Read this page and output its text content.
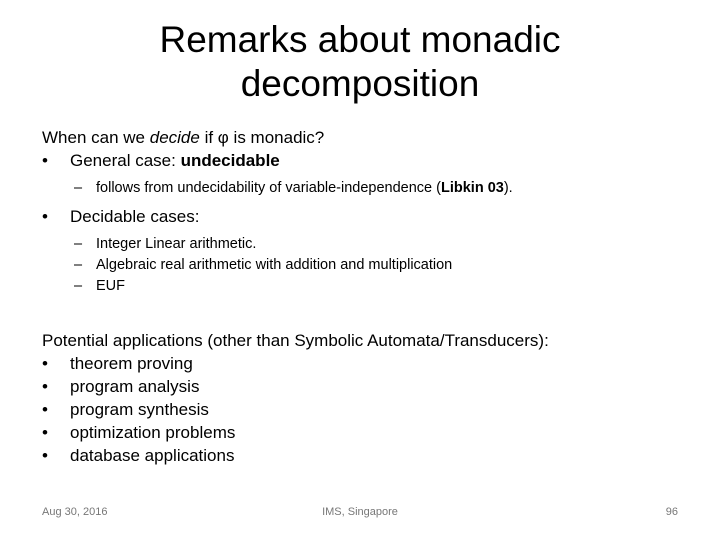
Remarks about monadic
decomposition
When can we decide if φ is monadic?
• General case: undecidable
– follows from undecidability of variable-independence (Libkin 03).
• Decidable cases:
– Integer Linear arithmetic.
– Algebraic real arithmetic with addition and multiplication
– EUF
Potential applications (other than Symbolic Automata/Transducers):
• theorem proving
• program analysis
• program synthesis
• optimization problems
• database applications
Aug 30, 2016	IMS, Singapore	96
